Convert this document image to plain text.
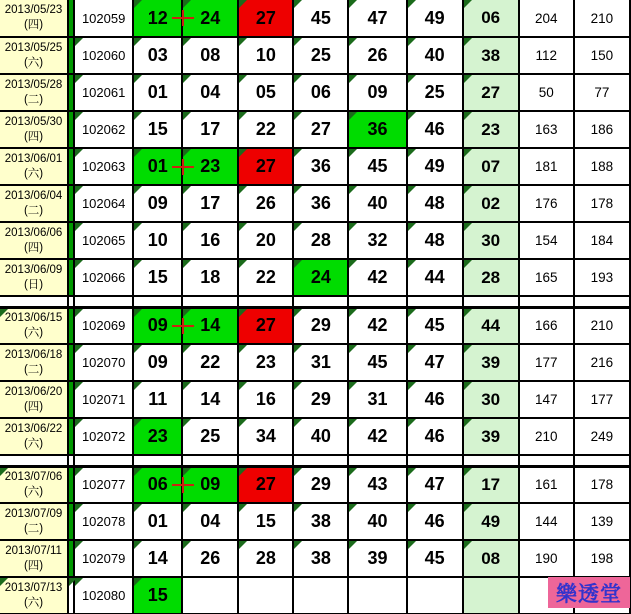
2013/05/23
(四)		102059	12	24	27	45	47	49	06	204	210

2013/05/25
(六)		102060	03	08	10	25	26	40	38	112	150

2013/05/28
(二)		102061	01	04	05	06	09	25	27	50	77

2013/05/30
(四)		102062	15	17	22	27	36	46	23	163	186

2013/06/01
(六)		102063	01	23	27	36	45	49	07	181	188

2013/06/04
(二)		102064	09	17	26	36	40	48	02	176	178

2013/06/06
(四)		102065	10	16	20	28	32	48	30	154	184

2013/06/09
(日)		102066	15	18	22	24	42	44	28	165	193

2013/06/15
(六)		102069	09	14	27	29	42	45	44	166	210

2013/06/18
(二)		102070	09	22	23	31	45	47	39	177	216

2013/06/20
(四)		102071	11	14	16	29	31	46	30	147	177

2013/06/22
(六)		102072	23	25	34	40	42	46	39	210	249

2013/07/06
(六)		102077	06	09	27	29	43	47	17	161	178

2013/07/09
(二)		102078	01	04	15	38	40	46	49	144	139

2013/07/11
(四)		102079	14	26	28	38	39	45	08	190	198

2013/07/13
(六)		102080	15									樂透堂
